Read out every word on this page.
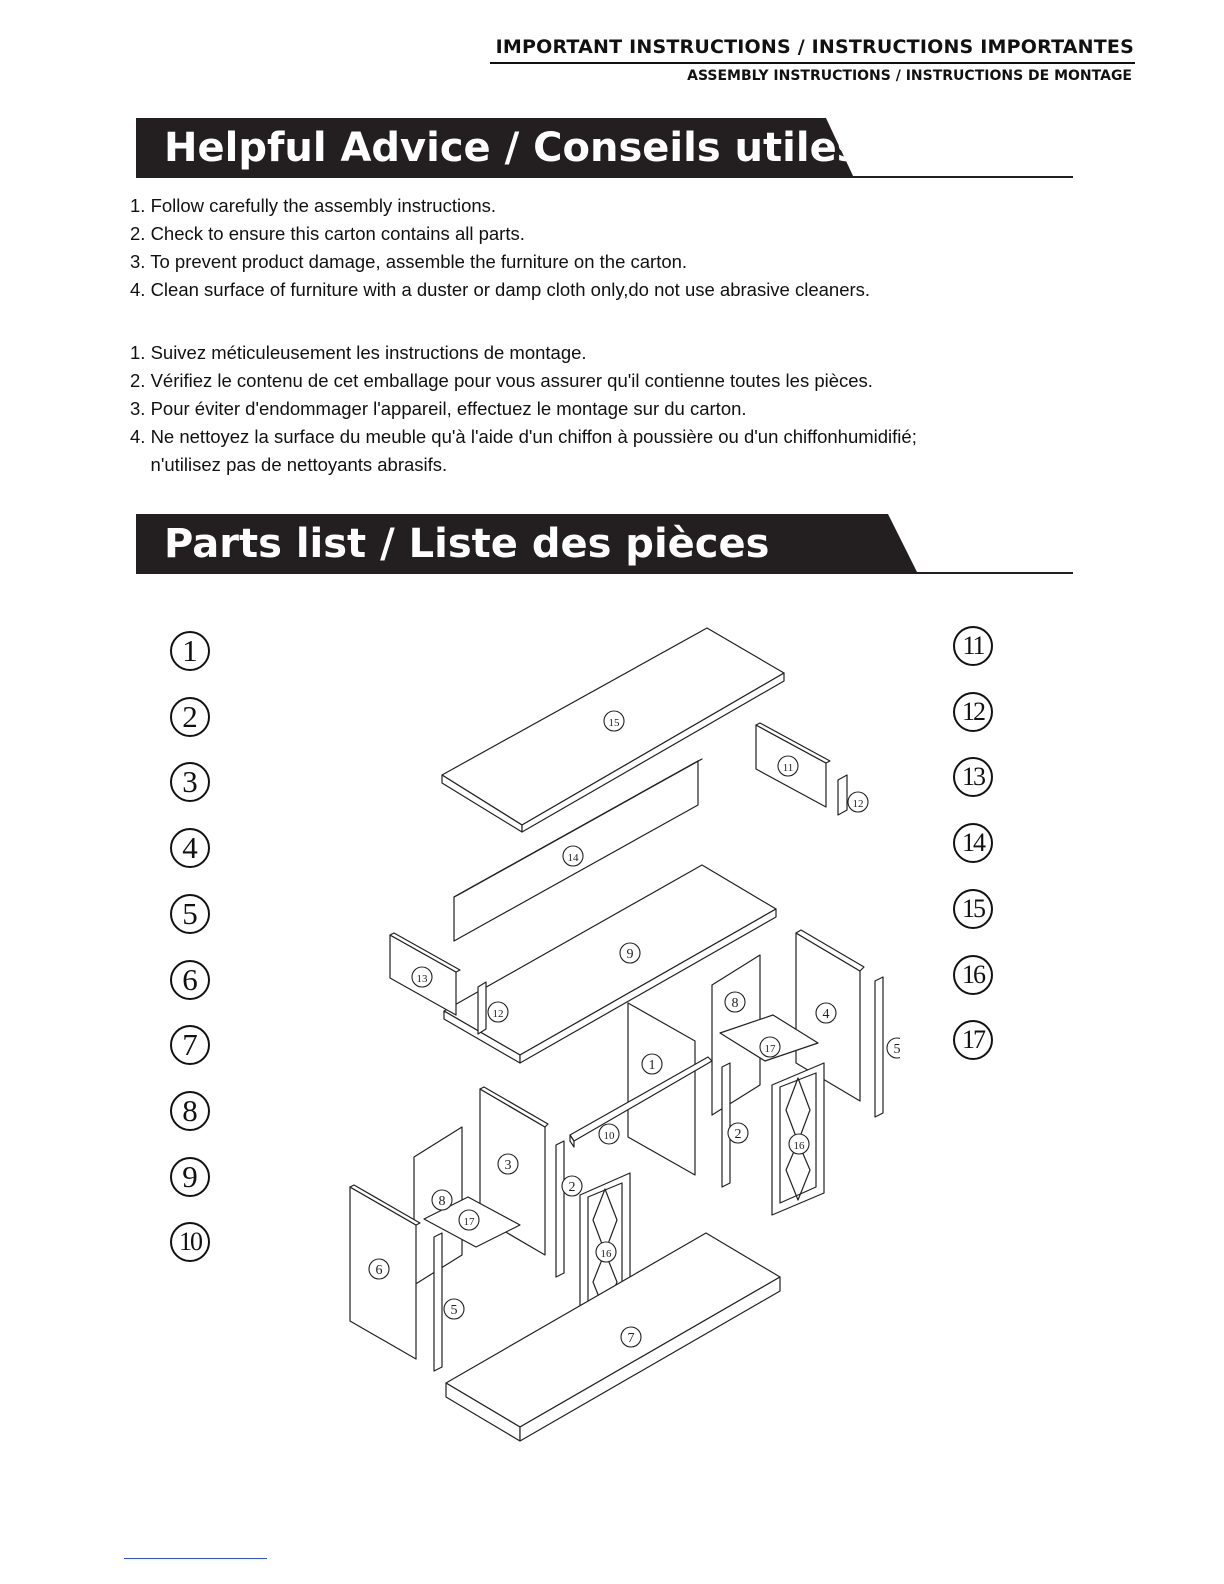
IMPORTANT INSTRUCTIONS / INSTRUCTIONS IMPORTANTES
ASSEMBLY INSTRUCTIONS / INSTRUCTIONS DE MONTAGE
Helpful Advice / Conseils utiles
1. Follow carefully the assembly instructions.
2. Check to ensure this carton contains all parts.
3. To prevent product damage, assemble the furniture on the carton.
4. Clean surface of furniture with a duster or damp cloth only,do not use abrasive cleaners.
1. Suivez méticuleusement les instructions de montage.
2. Vérifiez le contenu de cet emballage pour vous assurer qu'il contienne toutes les pièces.
3. Pour éviter d'endommager l'appareil, effectuez le montage sur du carton.
4. Ne nettoyez la surface du meuble qu'à l'aide d'un chiffon à poussière ou d'un chiffonhumidifié;
n'utilisez pas de nettoyants abrasifs.
Parts list / Liste des pièces
1
2
3
4
5
6
7
8
9
10
11
12
13
14
15
16
17
15
11
12
14
9
13
12
8
4
5
17
1
10	2
16
3
2
8
17
16
6
5
7
